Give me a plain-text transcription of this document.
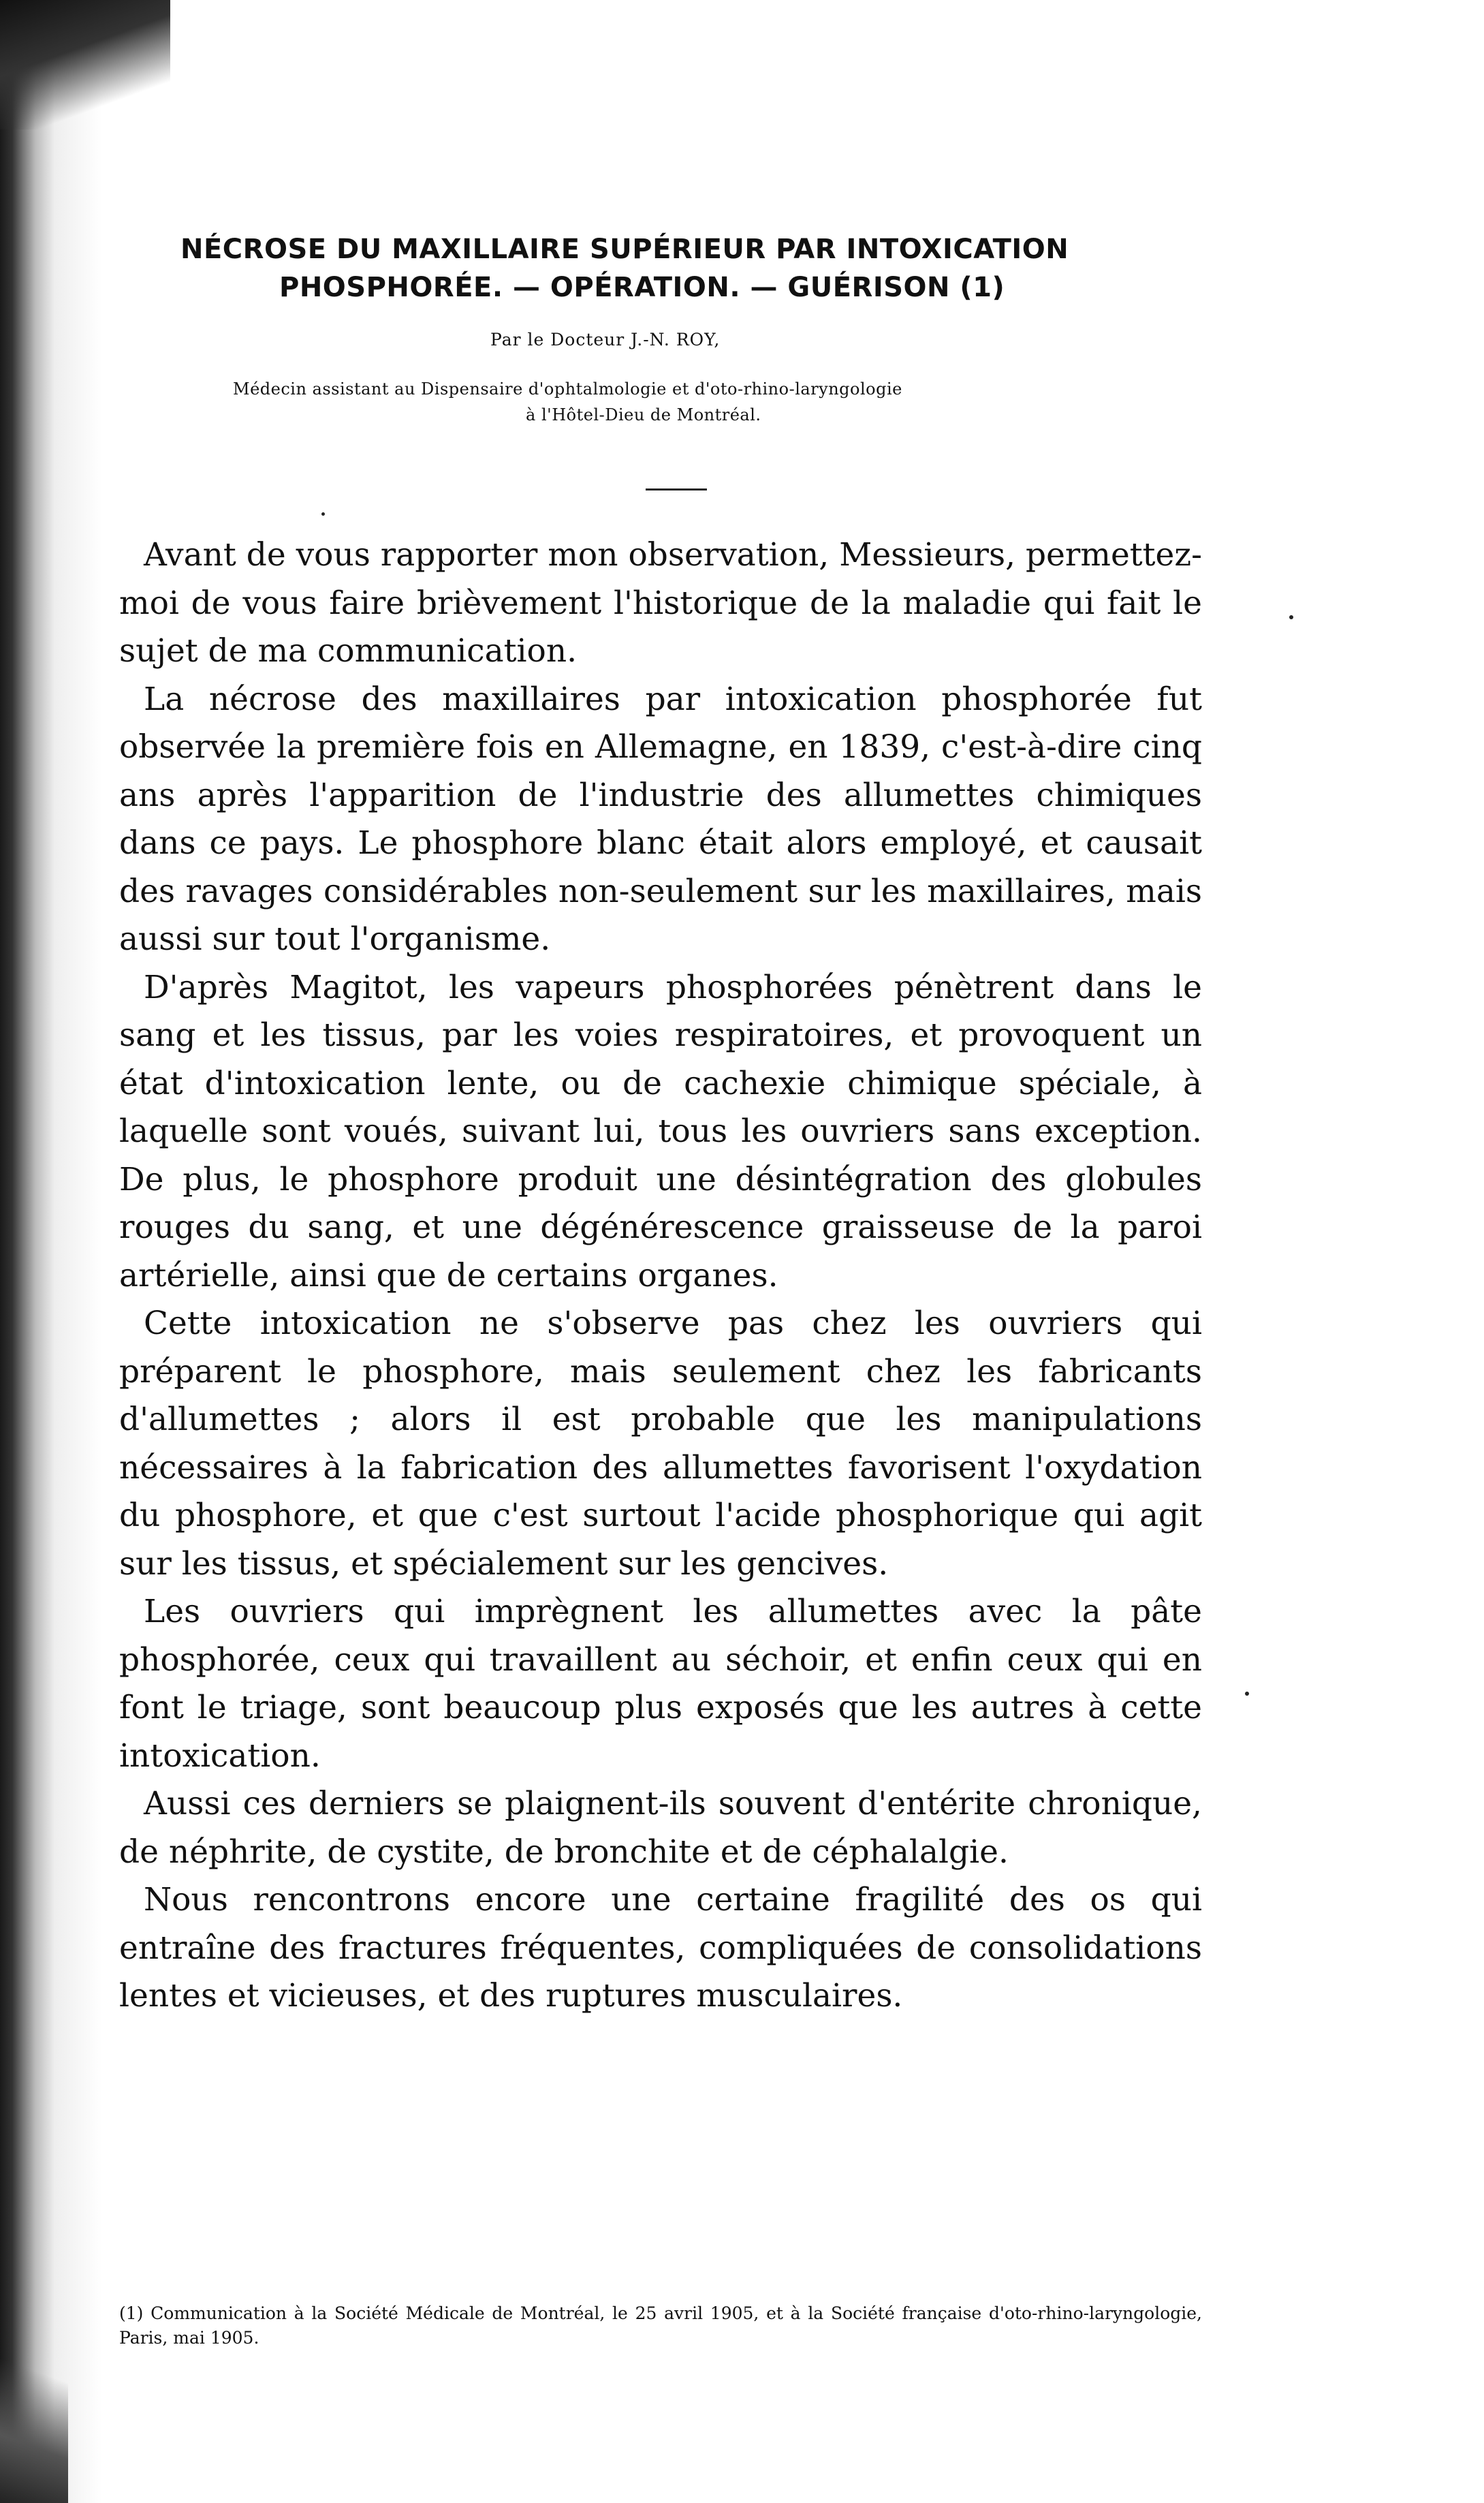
NÉCROSE DU MAXILLAIRE SUPÉRIEUR PAR INTOXICATION
PHOSPHORÉE. — OPÉRATION. — GUÉRISON (1)
Par le Docteur J.-N. ROY,
Médecin assistant au Dispensaire d'ophtalmologie et d'oto-rhino-laryngologie
à l'Hôtel-Dieu de Montréal.

Avant de vous rapporter mon observation, Messieurs, permettez-moi de vous faire brièvement l'historique de la maladie qui fait le sujet de ma communication.

La nécrose des maxillaires par intoxication phosphorée fut observée la première fois en Allemagne, en 1839, c'est-à-dire cinq ans après l'apparition de l'industrie des allumettes chimiques dans ce pays. Le phosphore blanc était alors employé, et causait des ravages considérables non-seulement sur les maxillaires, mais aussi sur tout l'organisme.

D'après Magitot, les vapeurs phosphorées pénètrent dans le sang et les tissus, par les voies respiratoires, et provoquent un état d'intoxication lente, ou de cachexie chimique spéciale, à laquelle sont voués, suivant lui, tous les ouvriers sans exception. De plus, le phosphore produit une désintégration des globules rouges du sang, et une dégénérescence graisseuse de la paroi artérielle, ainsi que de certains organes.

Cette intoxication ne s'observe pas chez les ouvriers qui préparent le phosphore, mais seulement chez les fabricants d'allumettes ; alors il est probable que les manipulations nécessaires à la fabrication des allumettes favorisent l'oxydation du phosphore, et que c'est surtout l'acide phosphorique qui agit sur les tissus, et spécialement sur les gencives.

Les ouvriers qui imprègnent les allumettes avec la pâte phosphorée, ceux qui travaillent au séchoir, et enfin ceux qui en font le triage, sont beaucoup plus exposés que les autres à cette intoxication.

Aussi ces derniers se plaignent-ils souvent d'entérite chronique, de néphrite, de cystite, de bronchite et de céphalalgie.

Nous rencontrons encore une certaine fragilité des os qui entraîne des fractures fréquentes, compliquées de consolidations lentes et vicieuses, et des ruptures musculaires.

(1) Communication à la Société Médicale de Montréal, le 25 avril 1905, et à la Société française d'oto-rhino-laryngologie, Paris, mai 1905.
